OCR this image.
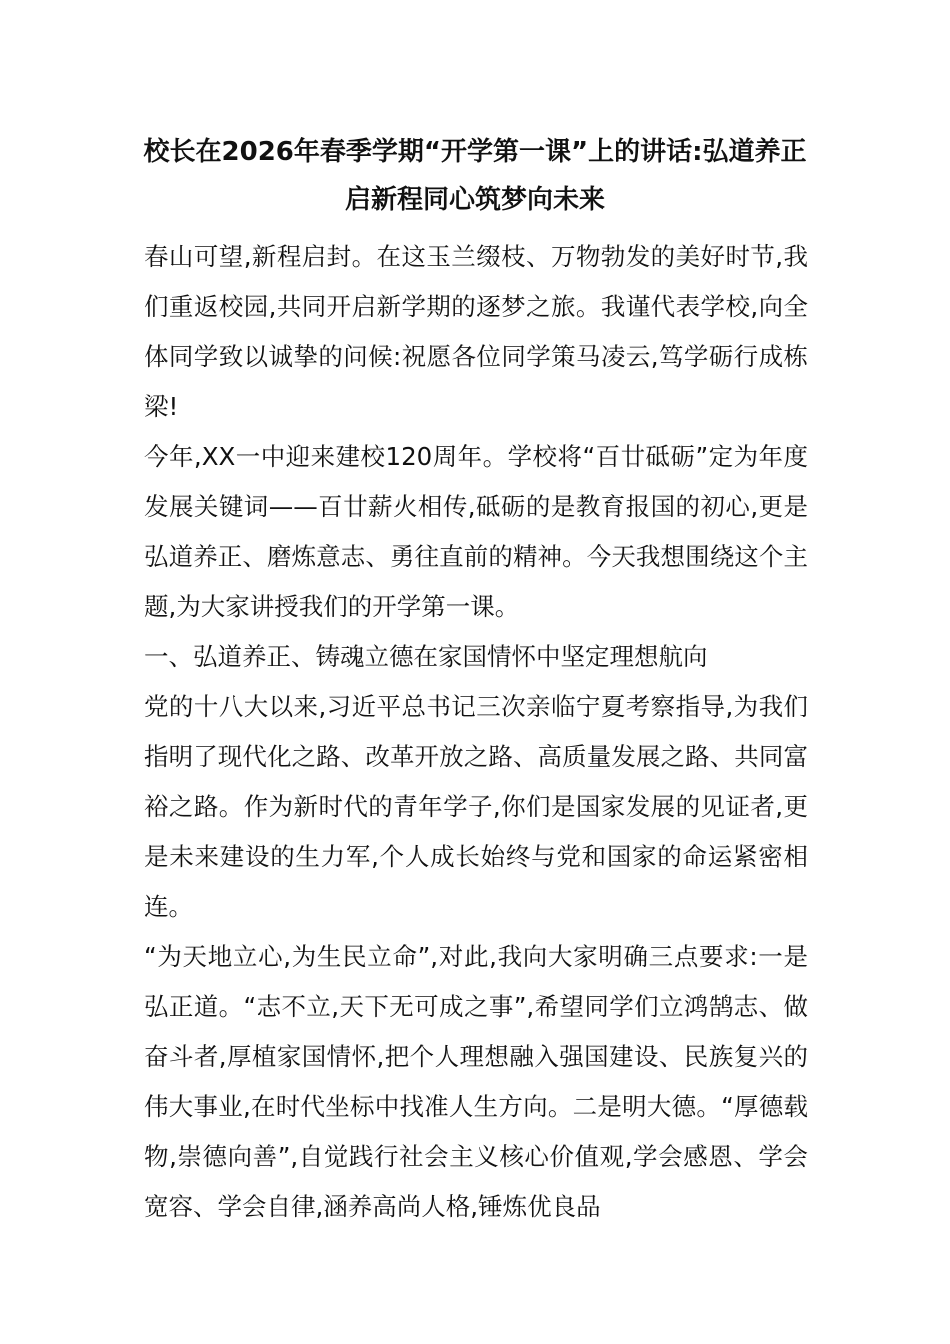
校长在2026年春季学期“开学第一课”上的讲话:弘道养正启新程同心筑梦向未来

春山可望,新程启封。在这玉兰缀枝、万物勃发的美好时节,我们重返校园,共同开启新学期的逐梦之旅。我谨代表学校,向全体同学致以诚挚的问候:祝愿各位同学策马凌云,笃学砺行成栋梁!

今年,XX一中迎来建校120周年。学校将“百廿砥砺”定为年度发展关键词——百廿薪火相传,砥砺的是教育报国的初心,更是弘道养正、磨炼意志、勇往直前的精神。今天我想围绕这个主题,为大家讲授我们的开学第一课。

一、弘道养正、铸魂立德在家国情怀中坚定理想航向

党的十八大以来,习近平总书记三次亲临宁夏考察指导,为我们指明了现代化之路、改革开放之路、高质量发展之路、共同富裕之路。作为新时代的青年学子,你们是国家发展的见证者,更是未来建设的生力军,个人成长始终与党和国家的命运紧密相连。

“为天地立心,为生民立命”,对此,我向大家明确三点要求:一是弘正道。“志不立,天下无可成之事”,希望同学们立鸿鹄志、做奋斗者,厚植家国情怀,把个人理想融入强国建设、民族复兴的伟大事业,在时代坐标中找准人生方向。二是明大德。“厚德载物,崇德向善”,自觉践行社会主义核心价值观,学会感恩、学会宽容、学会自律,涵养高尚人格,锤炼优良品
